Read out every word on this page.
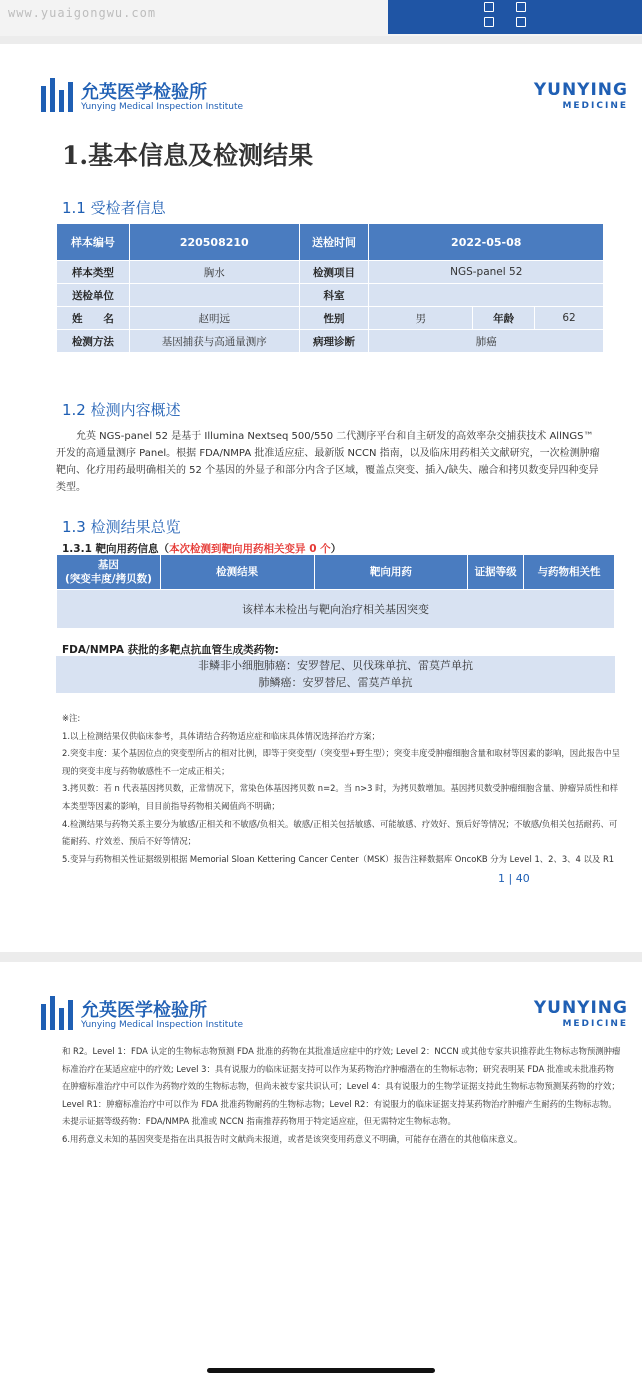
www.yuaigongwu.com
允英医学检验所
Yunying Medical Inspection Institute
YUNYING
MEDICINE
1.基本信息及检测结果
1.1 受检者信息
样本编号	220508210	送检时间	2022-05-08		
样本类型	胸水	检测项目	NGS-panel 52		
送检单位		科室			
姓　　名	赵明远	性别	男	年龄	62
检测方法	基因捕获与高通量测序	病理诊断	肺癌		
1.2 检测内容概述
允英 NGS-panel 52 是基于 Illumina Nextseq 500/550 二代测序平台和自主研发的高效率杂交捕获技术 AllNGS™ 开发的高通量测序 Panel。根据 FDA/NMPA 批准适应症、最新版 NCCN 指南，以及临床用药相关文献研究，一次检测肿瘤靶向、化疗用药最明确相关的 52 个基因的外显子和部分内含子区域，覆盖点突变、插入/缺失、融合和拷贝数变异四种变异类型。
1.3 检测结果总览
1.3.1 靶向用药信息（本次检测到靶向用药相关变异 0 个）
基因
(突变丰度/拷贝数)
	检测结果	靶向用药	证据等级	与药物相关性
该样本未检出与靶向治疗相关基因突变
FDA/NMPA 获批的多靶点抗血管生成类药物:
非鳞非小细胞肺癌：安罗替尼、贝伐珠单抗、雷莫芦单抗
肺鳞癌：安罗替尼、雷莫芦单抗
※注:
1.以上检测结果仅供临床参考，具体请结合药物适应症和临床具体情况选择治疗方案；
2.突变丰度：某个基因位点的突变型所占的相对比例，即等于突变型/（突变型+野生型）；突变丰度受肿瘤细胞含量和取材等因素的影响，因此报告中呈现的突变丰度与药物敏感性不一定成正相关；
3.拷贝数：若 n 代表基因拷贝数，正常情况下，常染色体基因拷贝数 n=2。当 n>3 时，为拷贝数增加。基因拷贝数受肿瘤细胞含量、肿瘤异质性和样本类型等因素的影响，目目前指导药物相关阈值尚不明确；
4.检测结果与药物关系主要分为敏感/正相关和不敏感/负相关。敏感/正相关包括敏感、可能敏感、疗效好、预后好等情况；不敏感/负相关包括耐药、可能耐药、疗效差、预后不好等情况；
5.变异与药物相关性证据级别根据 Memorial Sloan Kettering Cancer Center（MSK）报告注释数据库 OncoKB 分为 Level 1、2、3、4 以及 R1
1 | 40
允英医学检验所
Yunying Medical Inspection Institute
YUNYING
MEDICINE
和 R2。Level 1：FDA 认定的生物标志物预测 FDA 批准的药物在其批准适应症中的疗效; Level 2：NCCN 或其他专家共识推荐此生物标志物预测肿瘤标准治疗在某适应症中的疗效; Level 3：具有说服力的临床证据支持可以作为某药物治疗肿瘤潜在的生物标志物；研究表明某 FDA 批准或未批准药物在肿瘤标准治疗中可以作为药物疗效的生物标志物，但尚未被专家共识认可；Level 4：具有说服力的生物学证据支持此生物标志物预测某药物的疗效；Level R1：肿瘤标准治疗中可以作为 FDA 批准药物耐药的生物标志物；Level R2：有说服力的临床证据支持某药物治疗肿瘤产生耐药的生物标志物。未提示证据等级药物：FDA/NMPA 批准或 NCCN 指南推荐药物用于特定适应症，但无需特定生物标志物。
6.用药意义未知的基因突变是指在出具报告时文献尚未报道，或者是该突变用药意义不明确，可能存在潜在的其他临床意义。
